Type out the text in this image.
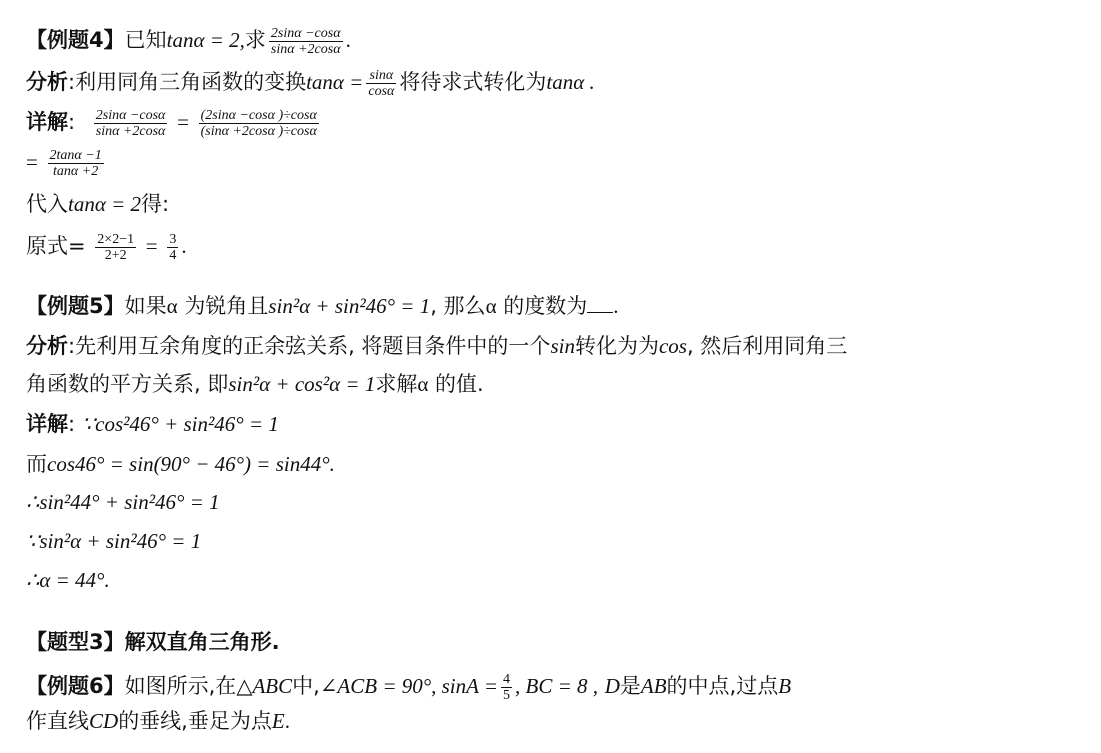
【例题4】已知tanα = 2,求 $\frac{2\sin\alpha -\cos\alpha}{\sin\alpha +2\cos\alpha}$ .
分析:利用同角三角函数的变换$\tan\alpha = \frac{\sin\alpha}{\cos\alpha}$ 将待求式转化为tanα .
详解: $\frac{2\sin\alpha -\cos\alpha}{\sin\alpha +2\cos\alpha} = \frac{(2\sin\alpha -\cos\alpha )\div\cos\alpha}{(\sin\alpha +2\cos\alpha )\div\cos\alpha}$
= $\frac{2\tan\alpha -1}{\tan\alpha +2}$
代入tanα = 2得:
原式= $\frac{2\times 2-1}{2+2} = \frac{3}{4}$ .
【例题5】如果α 为锐角且sin²α + sin²46° = 1, 那么α 的度数为 .
分析:先利用互余角度的正余弦关系, 将题目条件中的一个sin转化为为cos, 然后利用同角三
角函数的平方关系, 即sin²α + cos²α = 1求解α 的值.
详解: ∵cos²46° + sin²46° = 1
而cos46° = sin(90° − 46°) = sin44°.
∴sin²44° + sin²46° = 1
∵sin²α + sin²46° = 1
∴α = 44°.
【题型3】解双直角三角形.
【例题6】如图所示,在△ABC中,∠ACB = 90°, $\sin A = \frac{4}{5}$ , BC = 8 , D是AB的中点,过点B
作直线CD的垂线,垂足为点E.
